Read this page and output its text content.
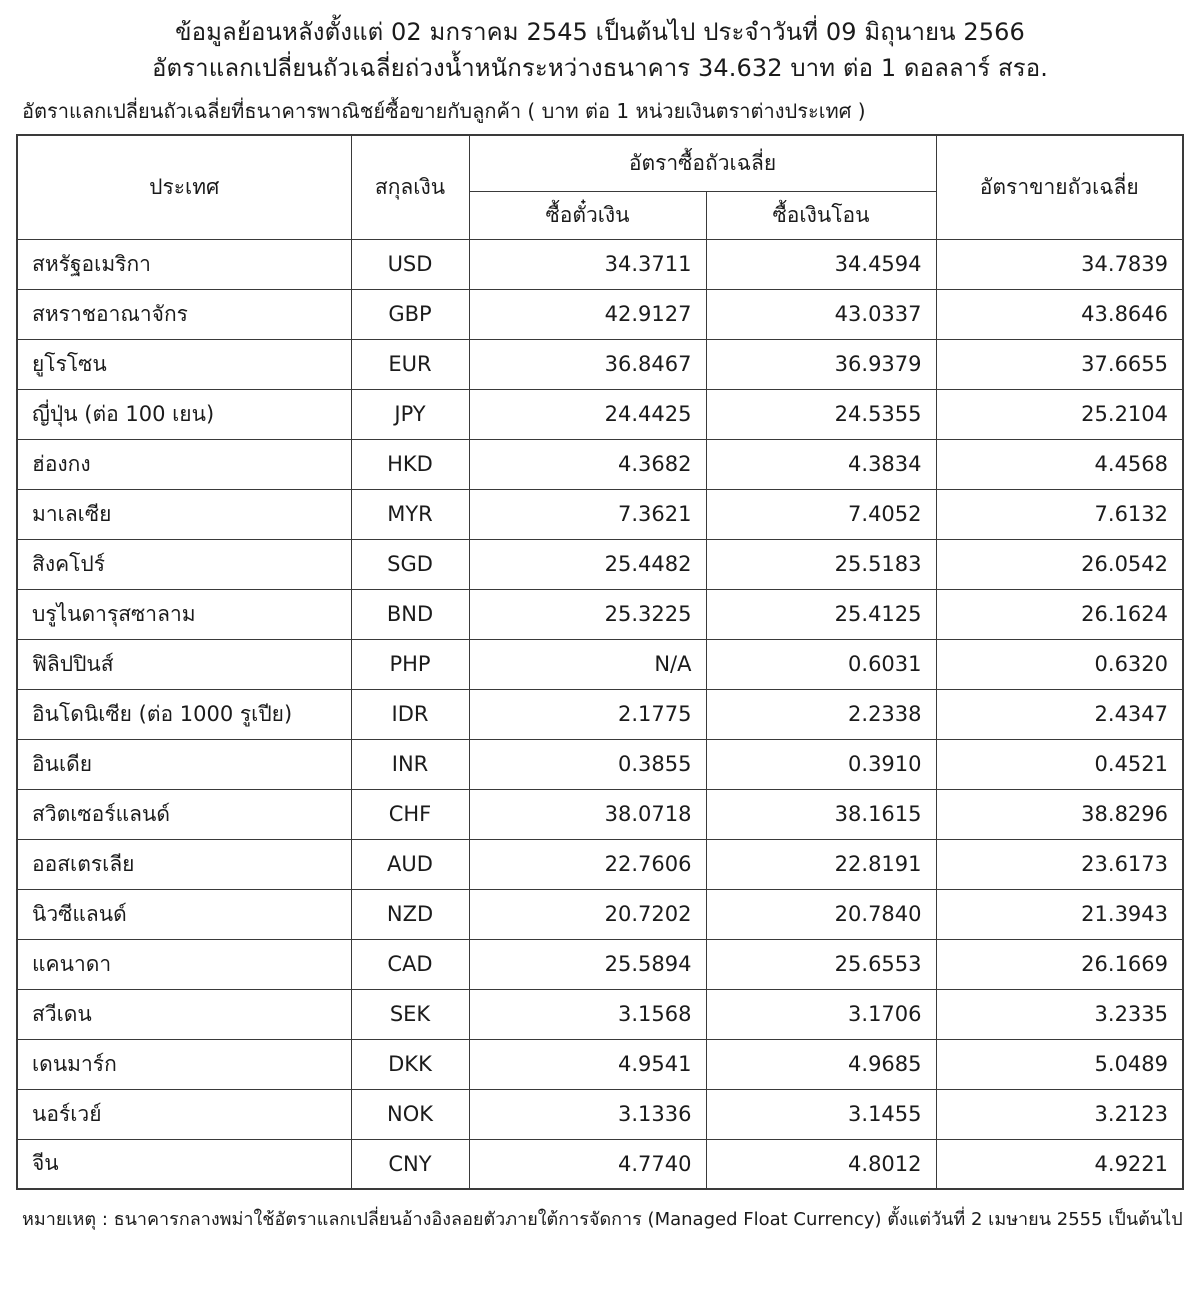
ข้อมูลย้อนหลังตั้งแต่ 02 มกราคม 2545 เป็นต้นไป ประจำวันที่ 09 มิถุนายน 2566
อัตราแลกเปลี่ยนถัวเฉลี่ยถ่วงน้ำหนักระหว่างธนาคาร 34.632 บาท ต่อ 1 ดอลลาร์ สรอ.
อัตราแลกเปลี่ยนถัวเฉลี่ยที่ธนาคารพาณิชย์ซื้อขายกับลูกค้า ( บาท ต่อ 1 หน่วยเงินตราต่างประเทศ )
ประเทศ	สกุลเงิน	อัตราซื้อถัวเฉลี่ย		อัตราขายถัวเฉลี่ย
		ซื้อตั๋วเงิน	ซื้อเงินโอน	
สหรัฐอเมริกา	USD	34.3711	34.4594	34.7839
สหราชอาณาจักร	GBP	42.9127	43.0337	43.8646
ยูโรโซน	EUR	36.8467	36.9379	37.6655
ญี่ปุ่น (ต่อ 100 เยน)	JPY	24.4425	24.5355	25.2104
ฮ่องกง	HKD	4.3682	4.3834	4.4568
มาเลเซีย	MYR	7.3621	7.4052	7.6132
สิงคโปร์	SGD	25.4482	25.5183	26.0542
บรูไนดารุสซาลาม	BND	25.3225	25.4125	26.1624
ฟิลิปปินส์	PHP	N/A	0.6031	0.6320
อินโดนิเซีย (ต่อ 1000 รูเปีย)	IDR	2.1775	2.2338	2.4347
อินเดีย	INR	0.3855	0.3910	0.4521
สวิตเซอร์แลนด์	CHF	38.0718	38.1615	38.8296
ออสเตรเลีย	AUD	22.7606	22.8191	23.6173
นิวซีแลนด์	NZD	20.7202	20.7840	21.3943
แคนาดา	CAD	25.5894	25.6553	26.1669
สวีเดน	SEK	3.1568	3.1706	3.2335
เดนมาร์ก	DKK	4.9541	4.9685	5.0489
นอร์เวย์	NOK	3.1336	3.1455	3.2123
จีน	CNY	4.7740	4.8012	4.9221
หมายเหตุ : ธนาคารกลางพม่าใช้อัตราแลกเปลี่ยนอ้างอิงลอยตัวภายใต้การจัดการ (Managed Float Currency) ตั้งแต่วันที่ 2 เมษายน 2555 เป็นต้นไป
